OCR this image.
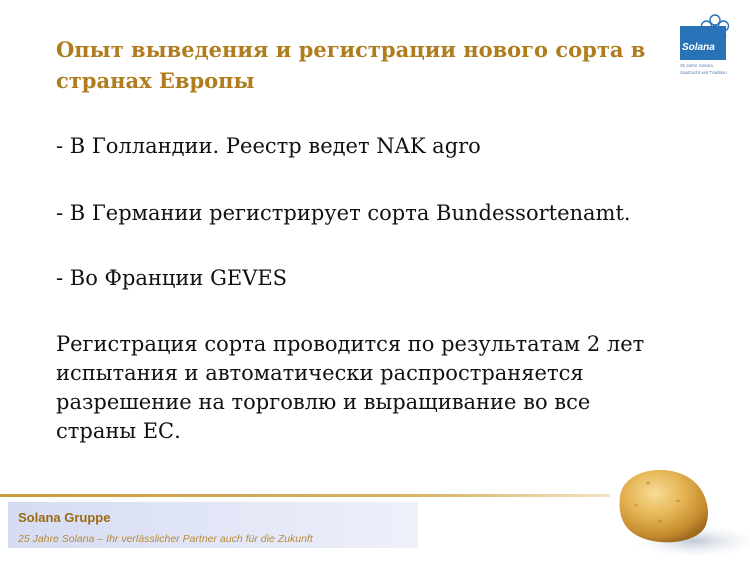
Опыт выведения и регистрации нового сорта в
странах Европы
Solana
25 Jahre Solana
Saatzucht seit Tradition
- В Голландии. Реестр ведет NAK agro
- В Германии регистрирует сорта Bundessortenamt.
- Во Франции GEVES
Регистрация сорта проводится по результатам 2 лет
испытания и автоматически распространяется
разрешение на торговлю и выращивание во все
страны ЕС.
Solana Gruppe
25 Jahre Solana – Ihr verlässlicher Partner auch für die Zukunft
